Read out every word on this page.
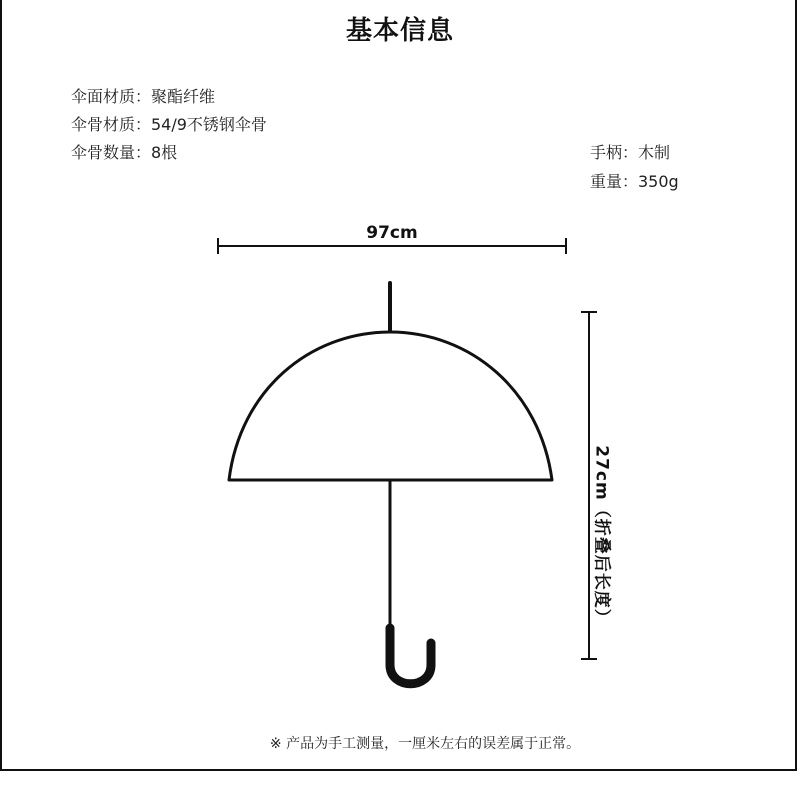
基本信息
伞面材质：聚酯纤维
伞骨材质：54/9不锈钢伞骨
伞骨数量：8根	手柄：木制
重量：350g
97cm
27cm（折叠后长度）
※ 产品为手工测量，一厘米左右的误差属于正常。
